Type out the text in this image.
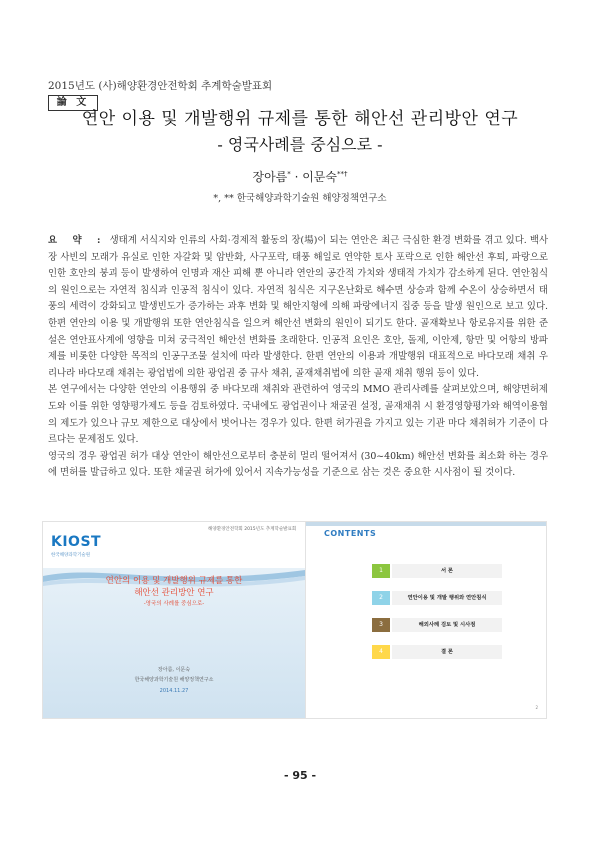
2015년도 (사)해양환경안전학회 추계학술발표회
論 文
연안 이용 및 개발행위 규제를 통한 해안선 관리방안 연구
- 영국사례를 중심으로 -
장아름* · 이문숙**†
*, ** 한국해양과학기술원 해양정책연구소

요 약 : 생태계 서식지와 인류의 사회·경제적 활동의 장(場)이 되는 연안은 최근 극심한 환경 변화를 겪고 있다. 백사장 사빈의 모래가 유실로 인한 자갈화 및 암반화, 사구포락, 태풍 해일로 연약한 토사 포락으로 인한 해안선 후퇴, 파랑으로 인한 호안의 붕괴 등이 발생하여 인명과 재산 피해 뿐 아니라 연안의 공간적 가치와 생태적 가치가 감소하게 된다. 연안침식의 원인으로는 자연적 침식과 인공적 침식이 있다. 자연적 침식은 지구온난화로 해수면 상승과 함께 수온이 상승하면서 태풍의 세력이 강화되고 발생빈도가 증가하는 과후 변화 및 해안지형에 의해 파랑에너지 집중 등을 발생 원인으로 보고 있다. 한편 연안의 이용 및 개발행위 또한 연안침식을 일으켜 해안선 변화의 원인이 되기도 한다. 골재확보나 항로유지를 위한 준설은 연안표사계에 영향을 미쳐 궁극적인 해안선 변화를 초래한다. 인공적 요인은 호안, 돌제, 이안제, 항만 및 어항의 방파제를 비롯한 다양한 목적의 인공구조물 설치에 따라 발생한다. 한편 연안의 이용과 개발행위 대표적으로 바다모래 채취 우리나라 바다모래 채취는 광업법에 의한 광업권 중 규사 채취, 골재채취법에 의한 골재 채취 행위 등이 있다.

본 연구에서는 다양한 연안의 이용행위 중 바다모래 채취와 관련하여 영국의 MMO 관리사례를 살펴보았으며, 해양면허제도와 이를 위한 영향평가제도 등을 검토하였다. 국내에도 광업권이나 채굴권 설정, 골재채취 시 환경영향평가와 해역이용협의 제도가 있으나 규모 제한으로 대상에서 벗어나는 경우가 있다. 한편 허가권을 가지고 있는 기관 마다 채취허가 기준이 다르다는 문제점도 있다.

영국의 경우 광업권 허가 대상 연안이 해안선으로부터 충분히 멀리 떨어져서 (30~40km) 해안선 변화를 최소화 하는 경우에 면허를 발급하고 있다. 또한 채굴권 허가에 있어서 지속가능성을 기준으로 삼는 것은 중요한 시사점이 될 것이다.

KIOST
한국해양과학기술원
해양환경안전학회 2015년도 추계학술발표회
연안의 이용 및 개발행위 규제를 통한
해안선 관리방안 연구
-영국의 사례를 중심으로-
장아름, 이문숙
한국해양과학기술원 해양정책연구소
2014.11.27
CONTENTS
1	서 론
2	연안이용 및 개발 행위와 연안침식
3	해외사례 검토 및 시사점
4	결 론
2
- 95 -
